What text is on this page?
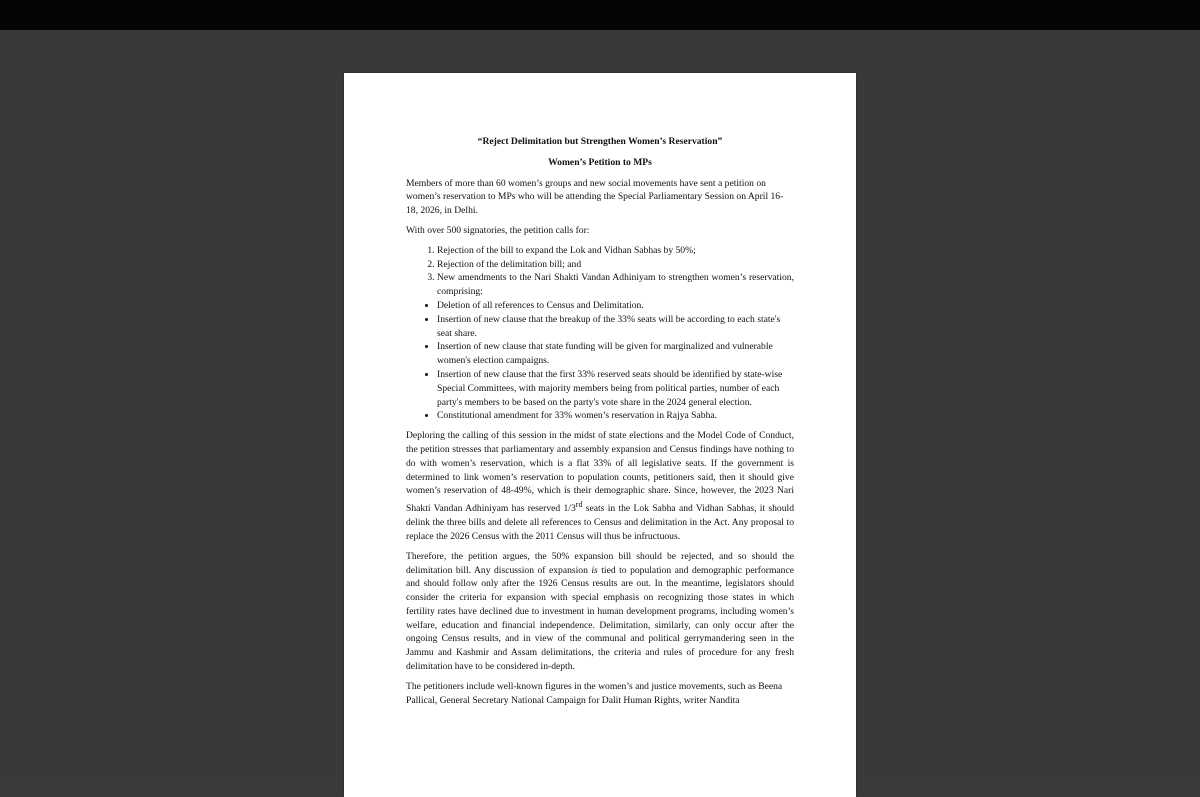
“Reject Delimitation but Strengthen Women’s Reservation”

Women’s Petition to MPs

Members of more than 60 women’s groups and new social movements have sent a petition on women’s reservation to MPs who will be attending the Special Parliamentary Session on April 16-18, 2026, in Delhi.

With over 500 signatories, the petition calls for:

1. Rejection of the bill to expand the Lok and Vidhan Sabhas by 50%;
2. Rejection of the delimitation bill; and
3. New amendments to the Nari Shakti Vandan Adhiniyam to strengthen women’s reservation, comprising:
• Deletion of all references to Census and Delimitation.
• Insertion of new clause that the breakup of the 33% seats will be according to each state's seat share.
• Insertion of new clause that state funding will be given for marginalized and vulnerable women's election campaigns.
• Insertion of new clause that the first 33% reserved seats should be identified by state-wise Special Committees, with majority members being from political parties, number of each party's members to be based on the party's vote share in the 2024 general election.
• Constitutional amendment for 33% women’s reservation in Rajya Sabha.

Deploring the calling of this session in the midst of state elections and the Model Code of Conduct, the petition stresses that parliamentary and assembly expansion and Census findings have nothing to do with women’s reservation, which is a flat 33% of all legislative seats. If the government is determined to link women’s reservation to population counts, petitioners said, then it should give women’s reservation of 48-49%, which is their demographic share. Since, however, the 2023 Nari Shakti Vandan Adhiniyam has reserved 1/3rd seats in the Lok Sabha and Vidhan Sabhas, it should delink the three bills and delete all references to Census and delimitation in the Act. Any proposal to replace the 2026 Census with the 2011 Census will thus be infructuous.

Therefore, the petition argues, the 50% expansion bill should be rejected, and so should the delimitation bill. Any discussion of expansion is tied to population and demographic performance and should follow only after the 1926 Census results are out. In the meantime, legislators should consider the criteria for expansion with special emphasis on recognizing those states in which fertility rates have declined due to investment in human development programs, including women’s welfare, education and financial independence. Delimitation, similarly, can only occur after the ongoing Census results, and in view of the communal and political gerrymandering seen in the Jammu and Kashmir and Assam delimitations, the criteria and rules of procedure for any fresh delimitation have to be considered in-depth.

The petitioners include well-known figures in the women’s and justice movements, such as Beena Pallical, General Secretary National Campaign for Dalit Human Rights, writer Nandita
